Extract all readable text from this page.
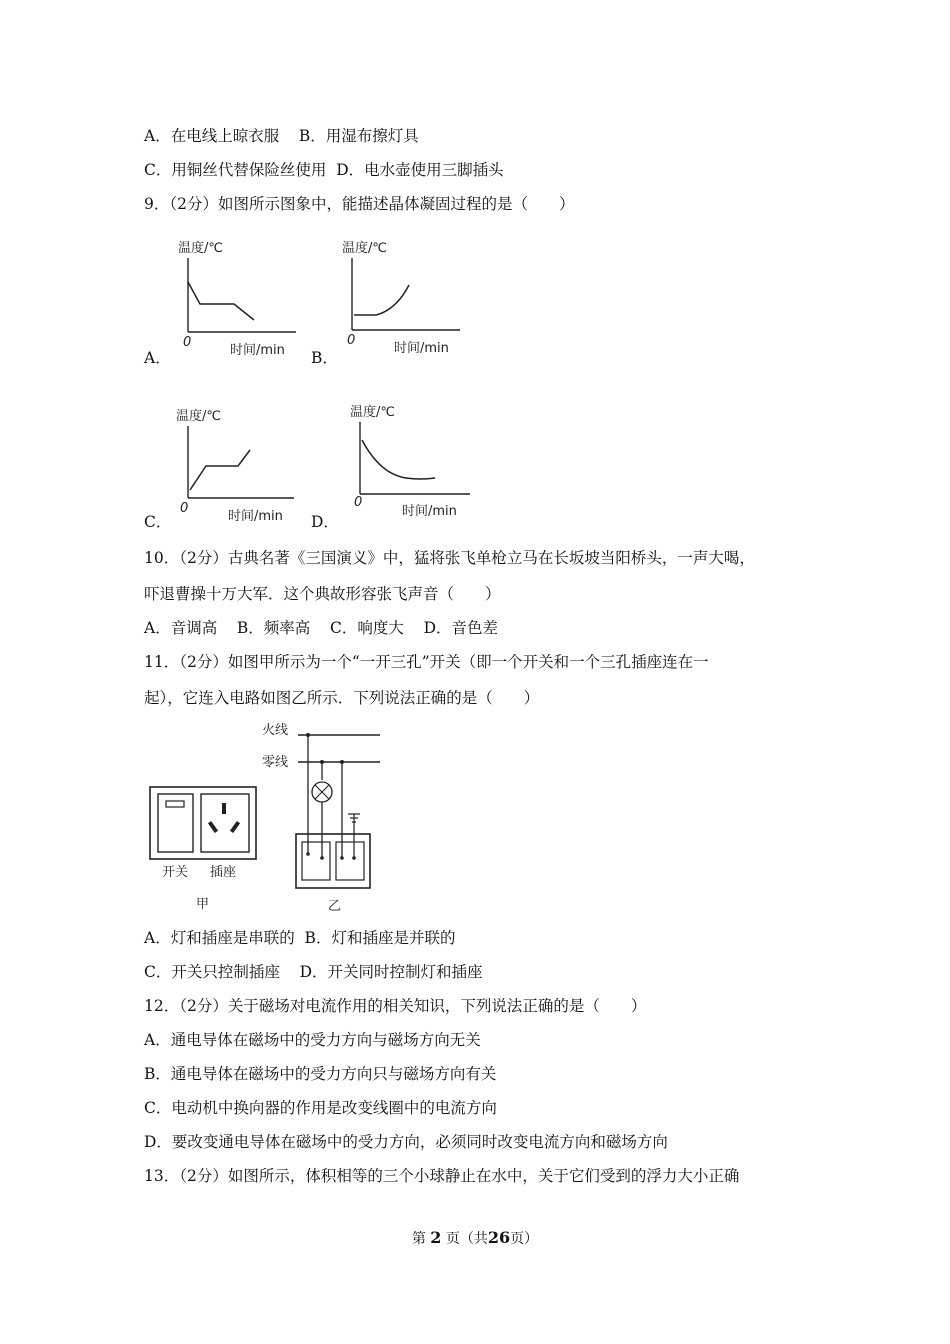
A．在电线上晾衣服    B．用湿布擦灯具
C．用铜丝代替保险丝使用  D．电水壶使用三脚插头
9．（2分）如图所示图象中，能描述晶体凝固过程的是（　　）
A．
温度/℃
0
时间/min B．
温度/℃
0
时间/min
C．
温度/℃
0
时间/min D．
温度/℃
0
时间/min
10．（2分）古典名著《三国演义》中，猛将张飞单枪立马在长坂坡当阳桥头，一声大喝，
吓退曹操十万大军．这个典故形容张飞声音（　　）
A．音调高    B．频率高    C．响度大    D．音色差
11．（2分）如图甲所示为一个“一开三孔”开关（即一个开关和一个三孔插座连在一
起），它连入电路如图乙所示．下列说法正确的是（　　）
开关 插座
甲
火线
零线
乙
A．灯和插座是串联的  B．灯和插座是并联的
C．开关只控制插座    D．开关同时控制灯和插座
12．（2分）关于磁场对电流作用的相关知识，下列说法正确的是（　　）
A．通电导体在磁场中的受力方向与磁场方向无关
B．通电导体在磁场中的受力方向只与磁场方向有关
C．电动机中换向器的作用是改变线圈中的电流方向
D．要改变通电导体在磁场中的受力方向，必须同时改变电流方向和磁场方向
13．（2分）如图所示，体积相等的三个小球静止在水中，关于它们受到的浮力大小正确
第 2 页（共26页）
